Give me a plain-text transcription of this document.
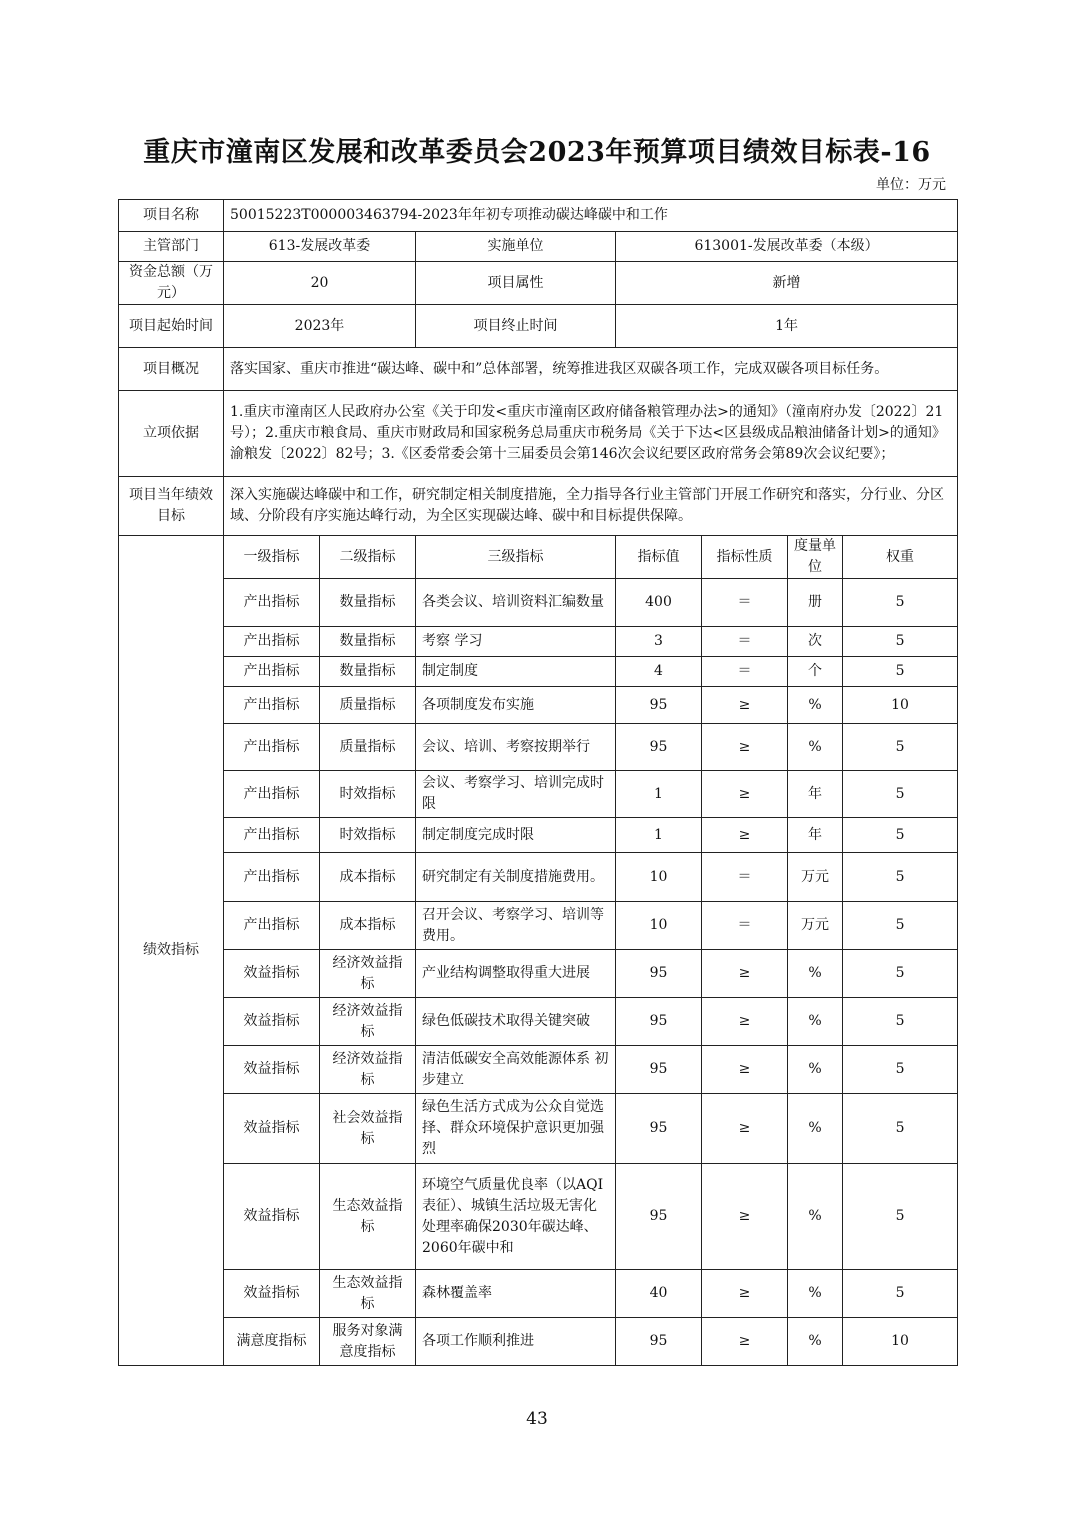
重庆市潼南区发展和改革委员会2023年预算项目绩效目标表-16
单位：万元
项目名称	50015223T000003463794-2023年年初专项推动碳达峰碳中和工作						
主管部门	613-发展改革委		实施单位	613001-发展改革委（本级）			
资金总额（万元）	20		项目属性	新增			
项目起始时间	2023年		项目终止时间	1年			
项目概况	落实国家、重庆市推进“碳达峰、碳中和”总体部署，统筹推进我区双碳各项工作，完成双碳各项目标任务。						
立项依据	1.重庆市潼南区人民政府办公室《关于印发<重庆市潼南区政府储备粮管理办法>的通知》（潼南府办发〔2022〕21号）；2.重庆市粮食局、重庆市财政局和国家税务总局重庆市税务局《关于下达<区县级成品粮油储备计划>的通知》渝粮发〔2022〕82号；3.《区委常委会第十三届委员会第146次会议纪要区政府常务会第89次会议纪要》；						
项目当年绩效目标	深入实施碳达峰碳中和工作，研究制定相关制度措施，全力指导各行业主管部门开展工作研究和落实，分行业、分区域、分阶段有序实施达峰行动，为全区实现碳达峰、碳中和目标提供保障。						
绩效指标	一级指标	二级指标	三级指标	指标值	指标性质	度量单位	权重
	产出指标	数量指标	各类会议、培训资料汇编数量	400	＝	册	5
	产出指标	数量指标	考察 学习	3	＝	次	5
	产出指标	数量指标	制定制度	4	＝	个	5
	产出指标	质量指标	各项制度发布实施	95	≥	%	10
	产出指标	质量指标	会议、培训、考察按期举行	95	≥	%	5
	产出指标	时效指标	会议、考察学习、培训完成时限	1	≥	年	5
	产出指标	时效指标	制定制度完成时限	1	≥	年	5
	产出指标	成本指标	研究制定有关制度措施费用。	10	＝	万元	5
	产出指标	成本指标	召开会议、考察学习、培训等费用。	10	＝	万元	5
	效益指标	经济效益指标	产业结构调整取得重大进展	95	≥	%	5
	效益指标	经济效益指标	绿色低碳技术取得关键突破	95	≥	%	5
	效益指标	经济效益指标	清洁低碳安全高效能源体系 初步建立	95	≥	%	5
	效益指标	社会效益指标	绿色生活方式成为公众自觉选择、群众环境保护意识更加强烈	95	≥	%	5
	效益指标	生态效益指标	环境空气质量优良率（以AQI 表征）、城镇生活垃圾无害化处理率确保2030年碳达峰、2060年碳中和	95	≥	%	5
	效益指标	生态效益指标	森林覆盖率	40	≥	%	5
	满意度指标	服务对象满意度指标	各项工作顺利推进	95	≥	%	10
43
